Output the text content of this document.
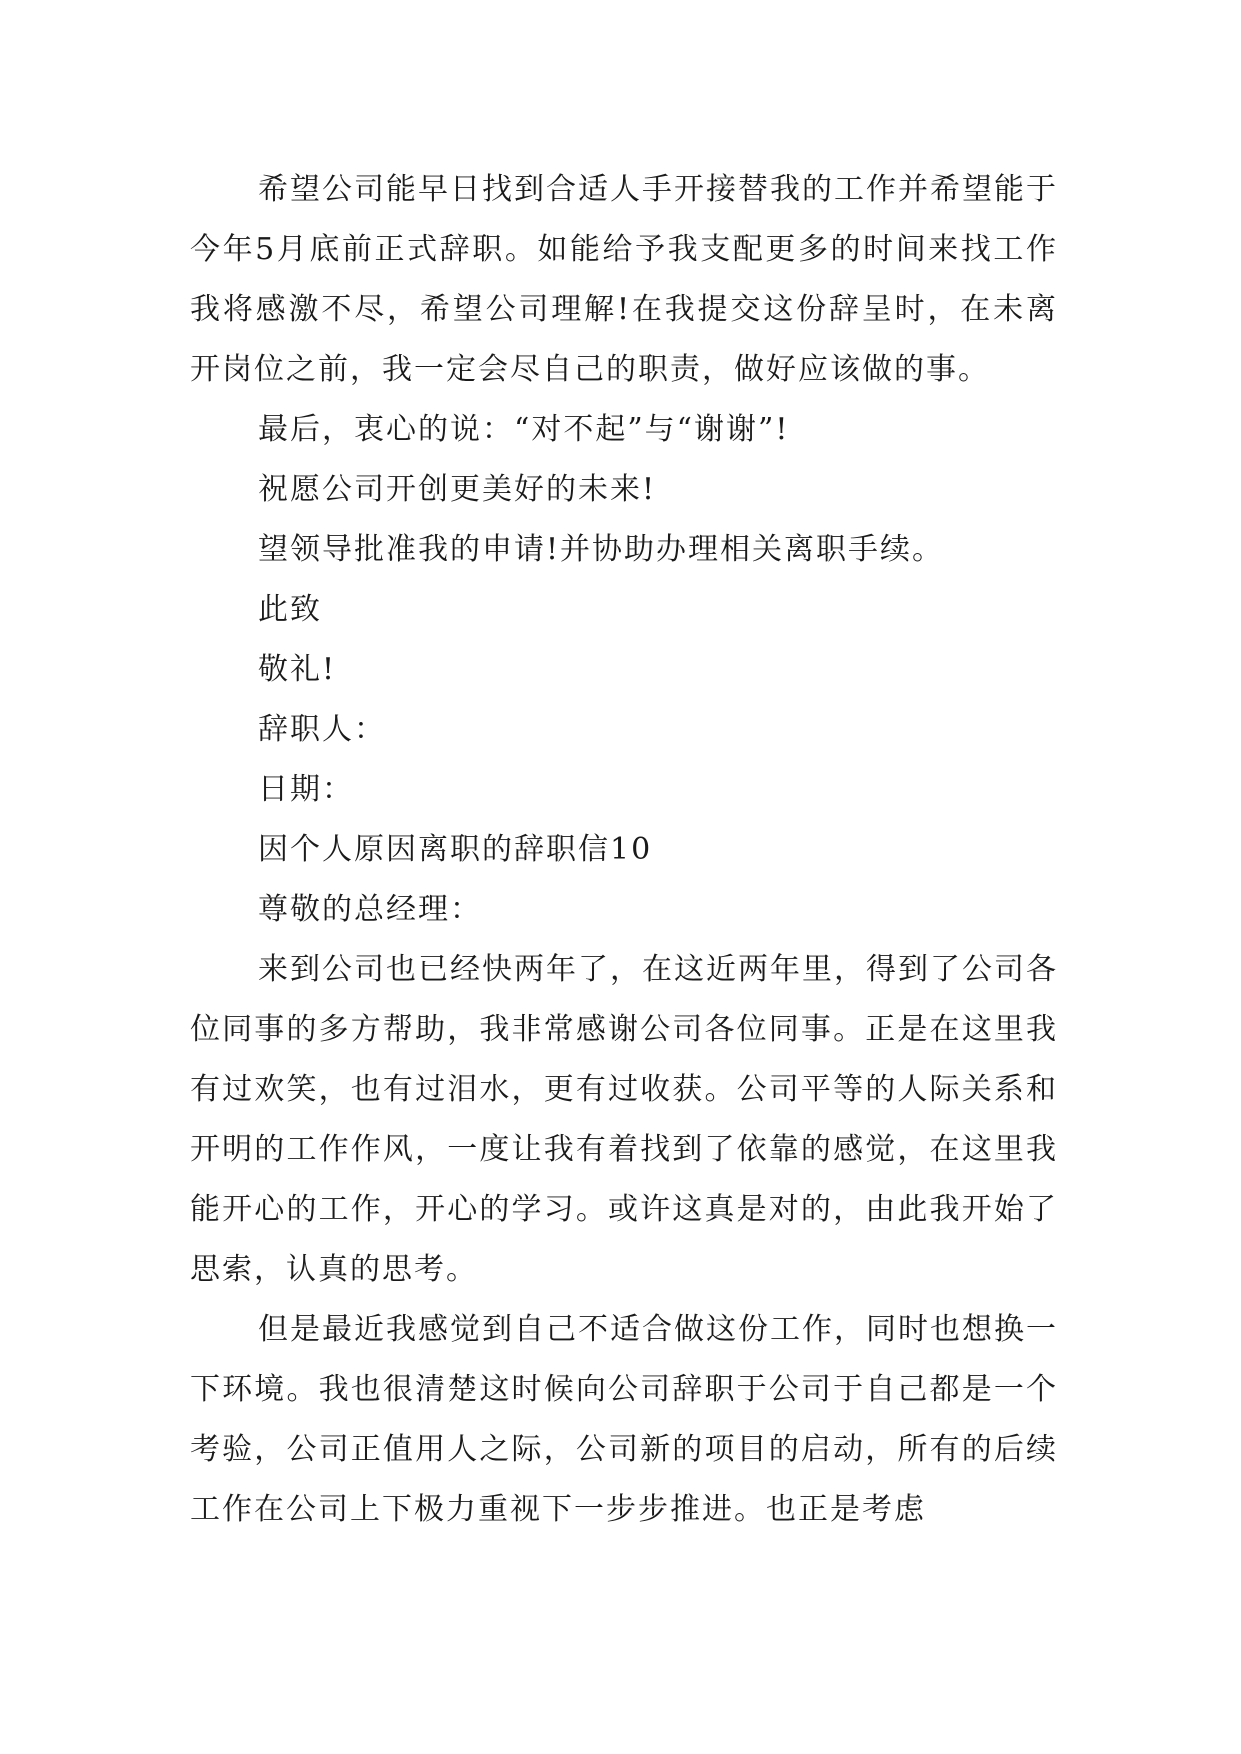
希望公司能早日找到合适人手开接替我的工作并希望能于今年5月底前正式辞职。如能给予我支配更多的时间来找工作我将感激不尽，希望公司理解!在我提交这份辞呈时，在未离开岗位之前，我一定会尽自己的职责，做好应该做的事。

最后，衷心的说：“对不起”与“谢谢”!

祝愿公司开创更美好的未来!

望领导批准我的申请!并协助办理相关离职手续。

此致

敬礼!

辞职人：

日期：

因个人原因离职的辞职信10

尊敬的总经理：

来到公司也已经快两年了，在这近两年里，得到了公司各位同事的多方帮助，我非常感谢公司各位同事。正是在这里我有过欢笑，也有过泪水，更有过收获。公司平等的人际关系和开明的工作作风，一度让我有着找到了依靠的感觉，在这里我能开心的工作，开心的学习。或许这真是对的，由此我开始了思索，认真的思考。

但是最近我感觉到自己不适合做这份工作，同时也想换一下环境。我也很清楚这时候向公司辞职于公司于自己都是一个考验，公司正值用人之际，公司新的项目的启动，所有的后续工作在公司上下极力重视下一步步推进。也正是考虑
